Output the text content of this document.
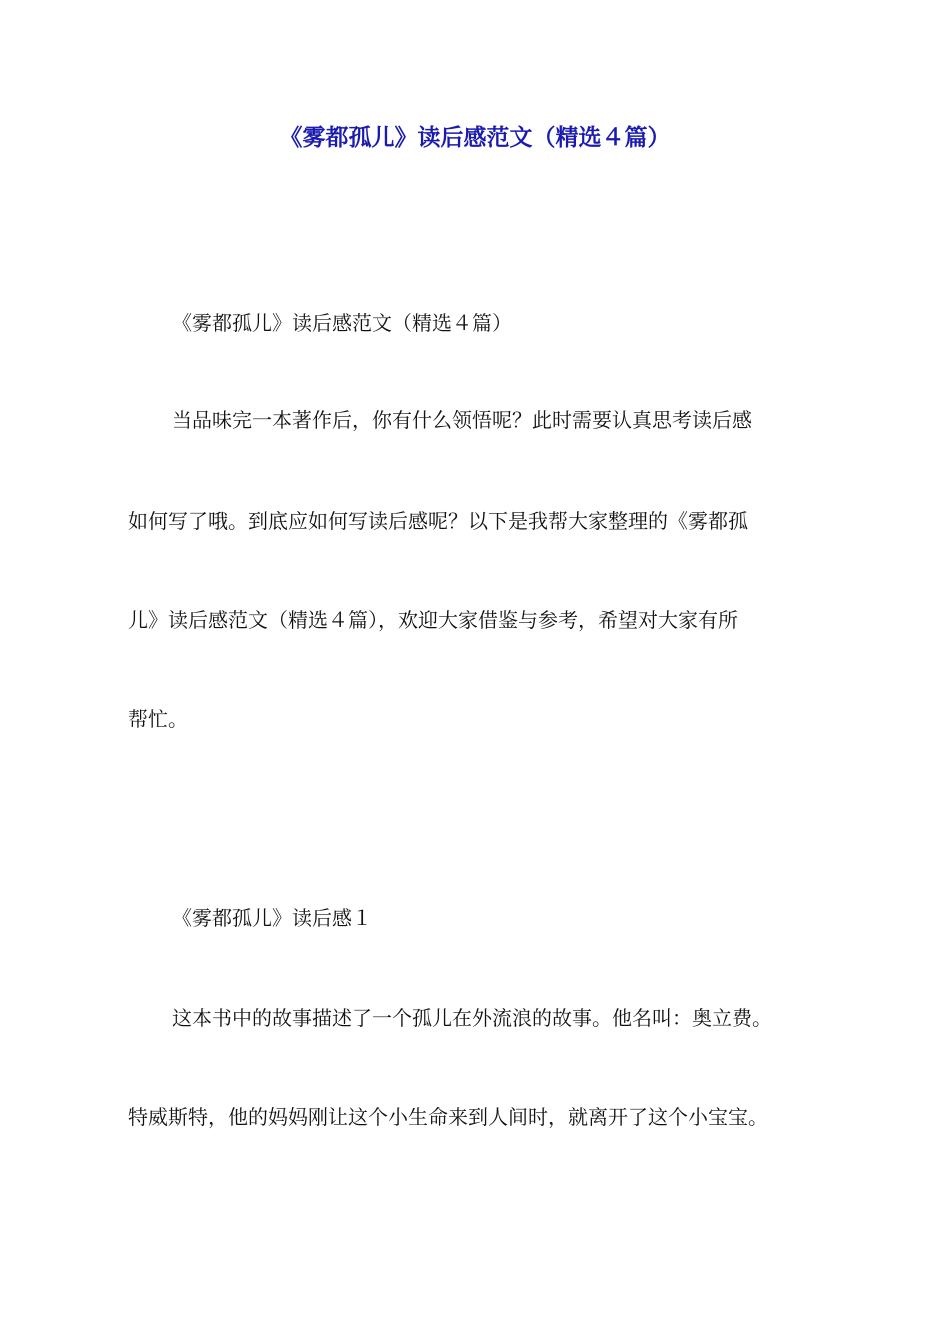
《雾都孤儿》读后感范文（精选４篇）

《雾都孤儿》读后感范文（精选４篇）

当品味完一本著作后，你有什么领悟呢？此时需要认真思考读后感

如何写了哦。到底应如何写读后感呢？以下是我帮大家整理的《雾都孤

儿》读后感范文（精选４篇），欢迎大家借鉴与参考，希望对大家有所

帮忙。

《雾都孤儿》读后感１

这本书中的故事描述了一个孤儿在外流浪的故事。他名叫：奥立费。

特威斯特，他的妈妈刚让这个小生命来到人间时，就离开了这个小宝宝。
